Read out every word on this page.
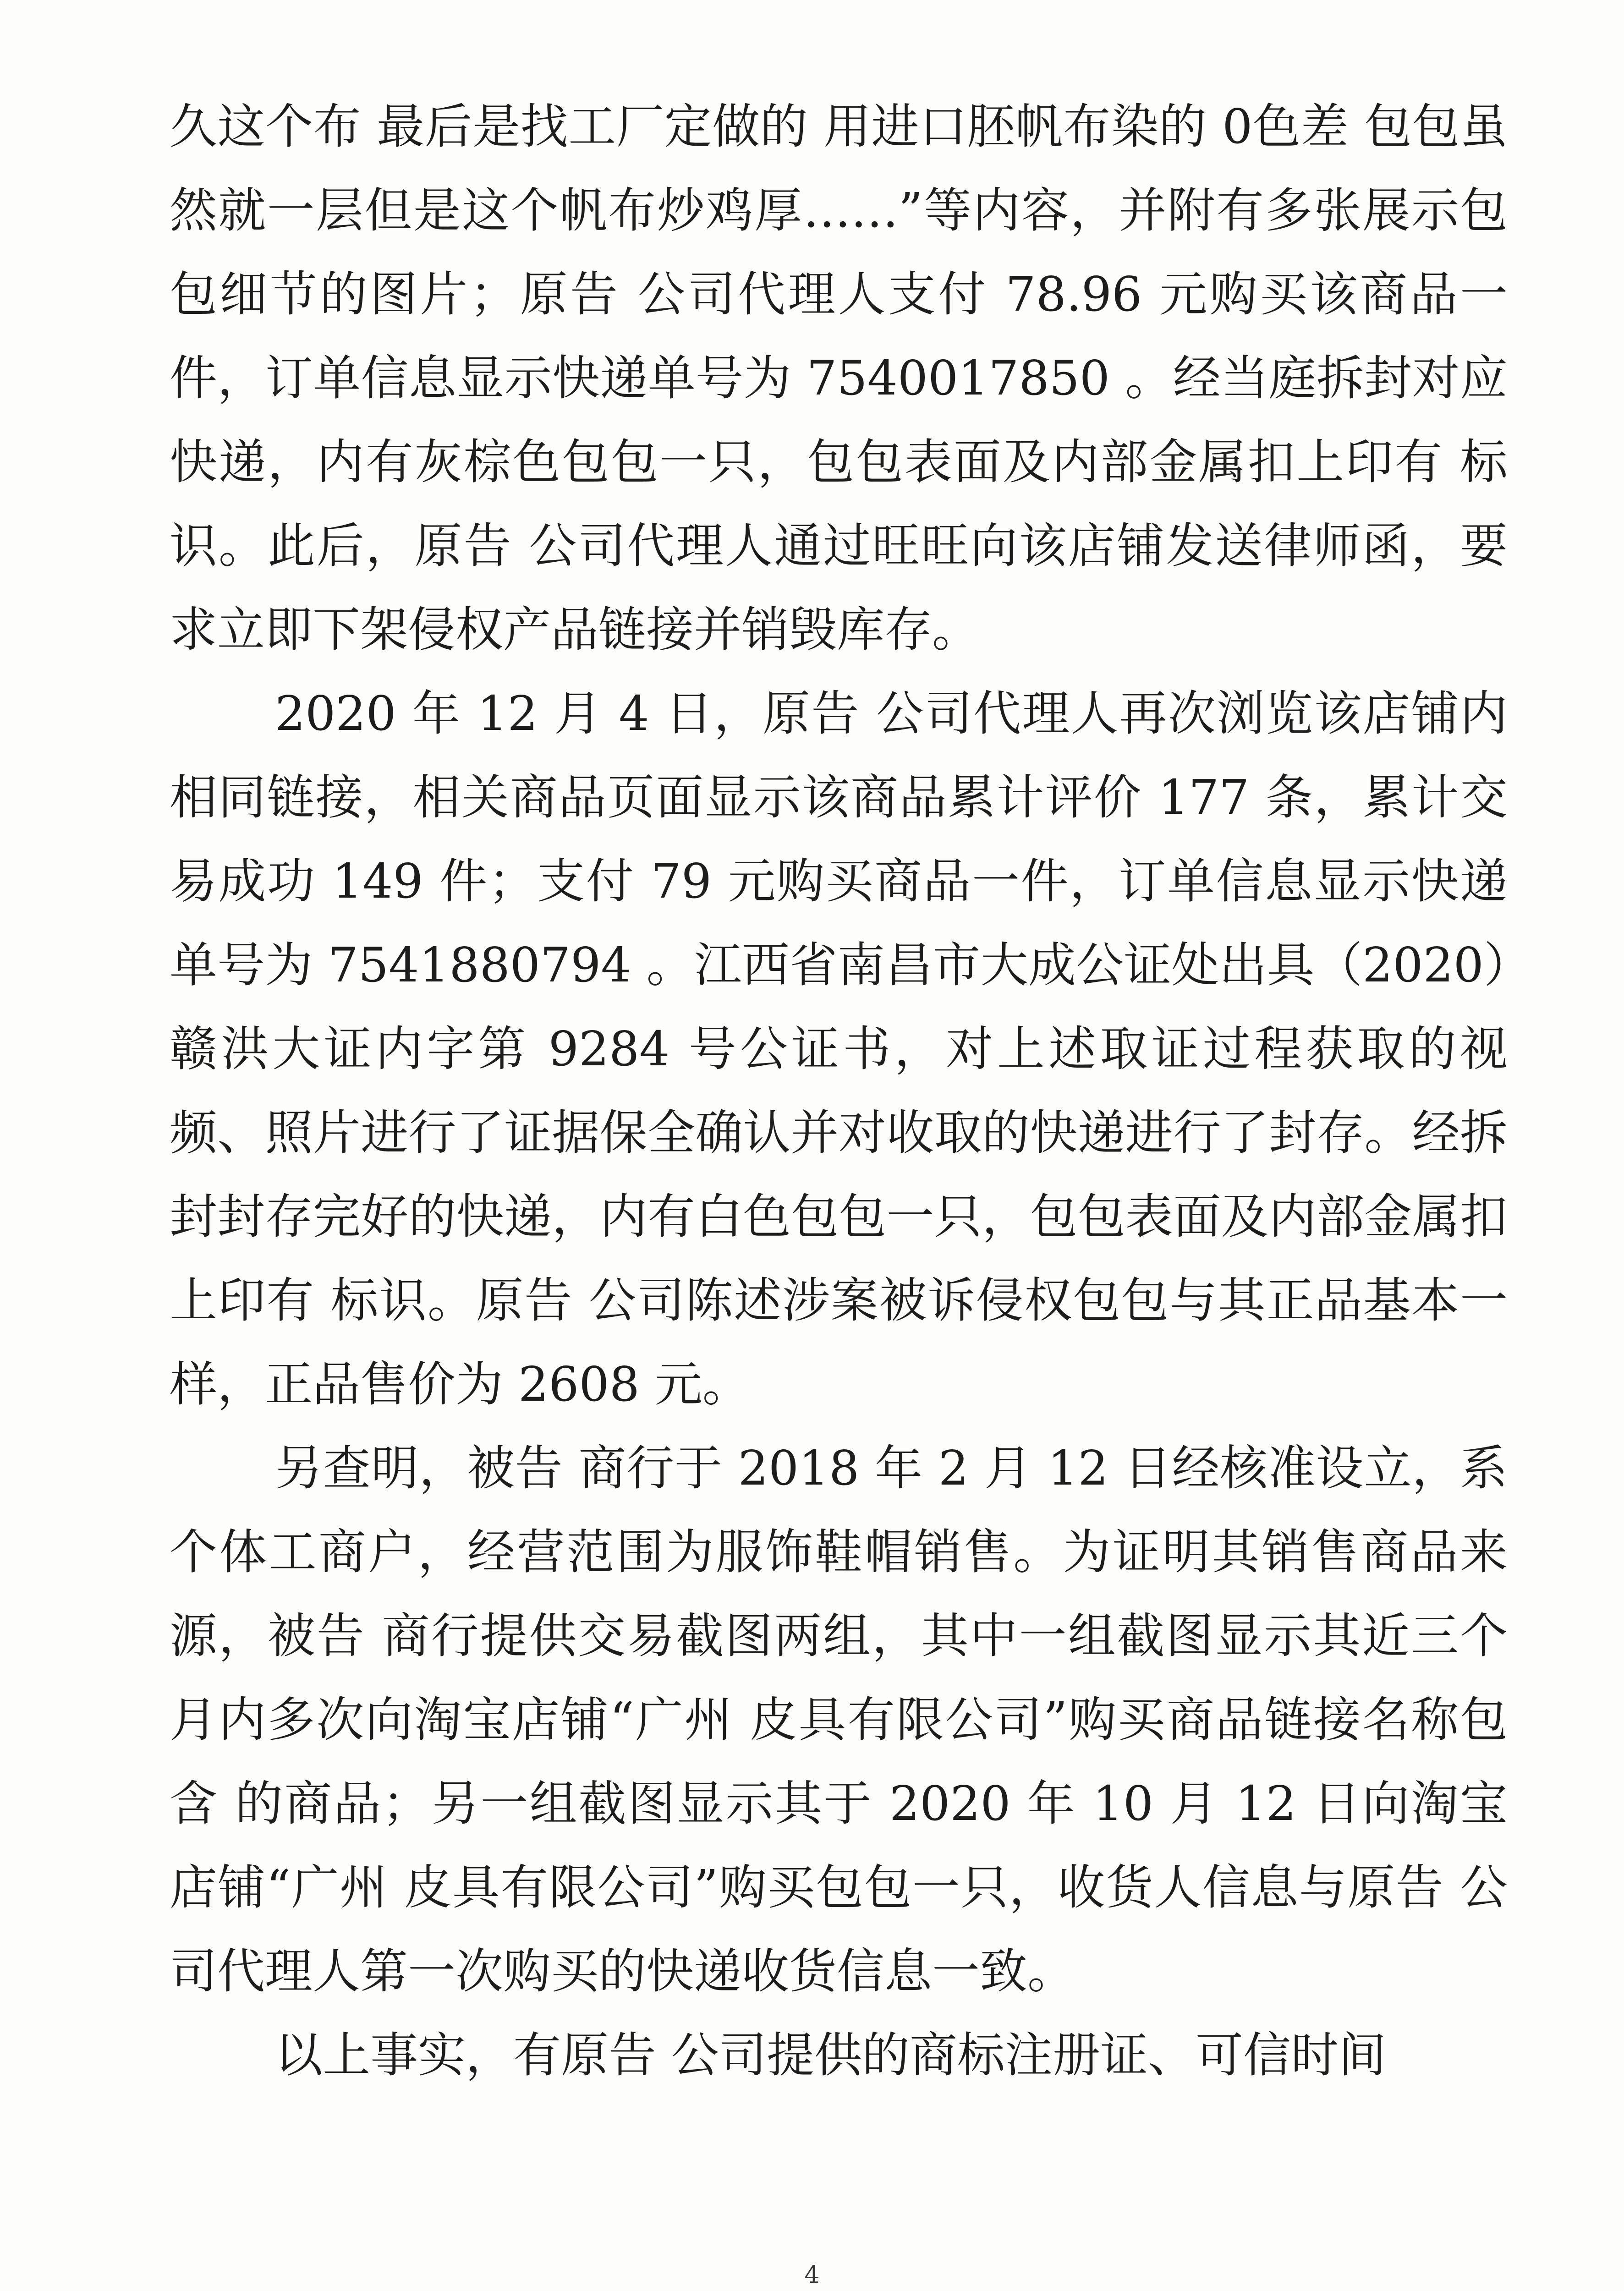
久这个布 最后是找工厂定做的 用进口胚帆布染的 0色差 包包虽然就一层但是这个帆布炒鸡厚……”等内容，并附有多张展示包包细节的图片；原告 公司代理人支付 78.96 元购买该商品一件，订单信息显示快递单号为 7540017850 。经当庭拆封对应快递，内有灰棕色包包一只，包包表面及内部金属扣上印有 标识。此后，原告 公司代理人通过旺旺向该店铺发送律师函，要求立即下架侵权产品链接并销毁库存。

2020 年 12 月 4 日，原告 公司代理人再次浏览该店铺内相同链接，相关商品页面显示该商品累计评价 177 条，累计交易成功 149 件；支付 79 元购买商品一件，订单信息显示快递单号为 7541880794 。江西省南昌市大成公证处出具（2020）赣洪大证内字第 9284 号公证书，对上述取证过程获取的视频、照片进行了证据保全确认并对收取的快递进行了封存。经拆封封存完好的快递，内有白色包包一只，包包表面及内部金属扣上印有 标识。原告 公司陈述涉案被诉侵权包包与其正品基本一样，正品售价为 2608 元。

另查明，被告 商行于 2018 年 2 月 12 日经核准设立，系个体工商户，经营范围为服饰鞋帽销售。为证明其销售商品来源，被告 商行提供交易截图两组，其中一组截图显示其近三个月内多次向淘宝店铺“广州 皮具有限公司”购买商品链接名称包含 的商品；另一组截图显示其于 2020 年 10 月 12 日向淘宝店铺“广州 皮具有限公司”购买包包一只，收货人信息与原告 公司代理人第一次购买的快递收货信息一致。

以上事实，有原告 公司提供的商标注册证、可信时间

4
